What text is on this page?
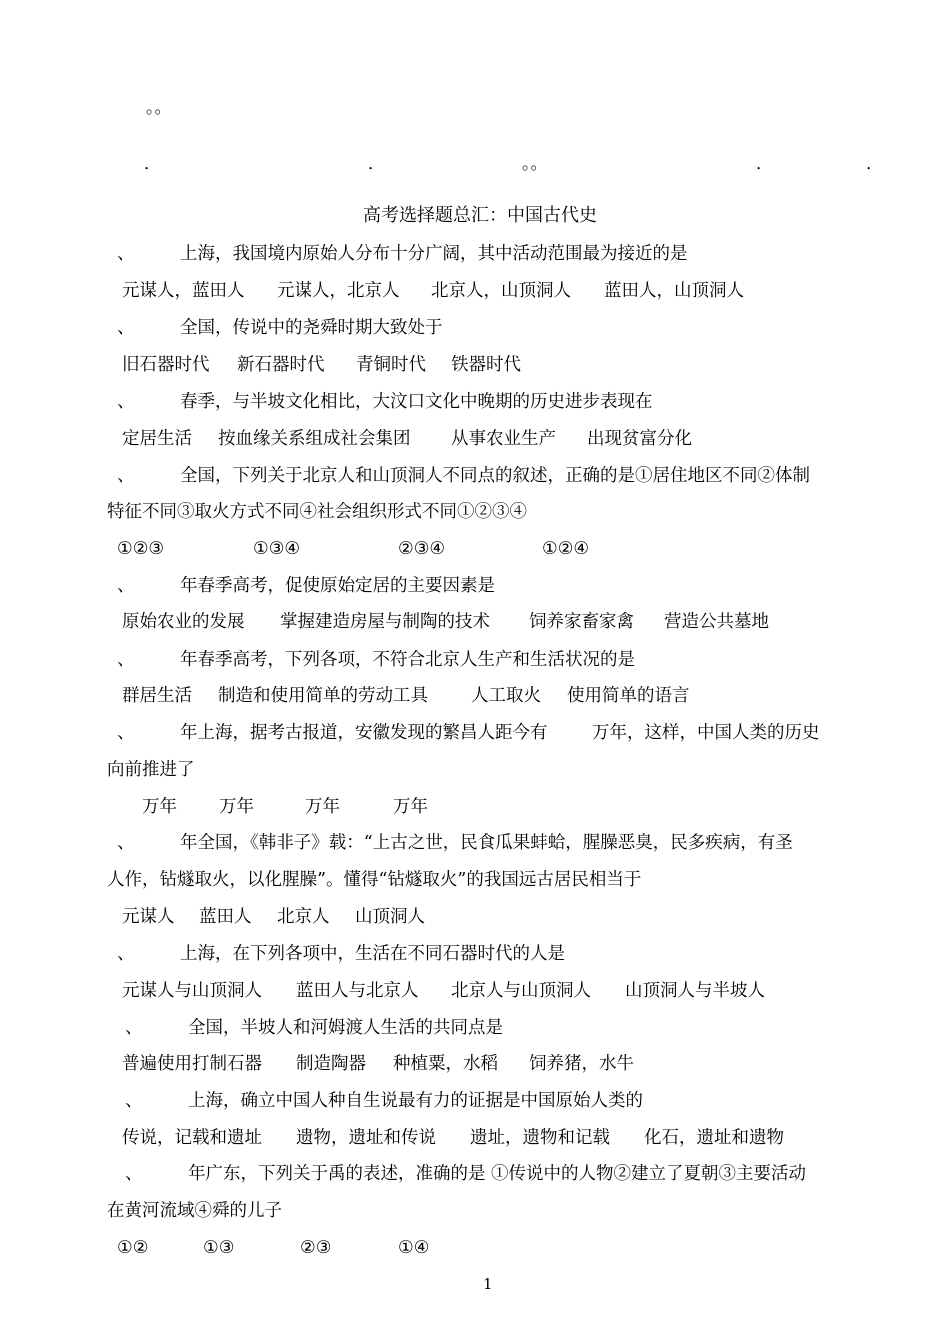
。。
．	．	。。	．	．
高考选择题总汇：中国古代史
、	上海，我国境内原始人分布十分广阔，其中活动范围最为接近的是
元谋人，蓝田人 元谋人，北京人 北京人，山顶洞人 蓝田人，山顶洞人
、	全国，传说中的尧舜时期大致处于
旧石器时代 新石器时代 青铜时代 铁器时代
、	春季，与半坡文化相比，大汶口文化中晚期的历史进步表现在
定居生活 按血缘关系组成社会集团 从事农业生产 出现贫富分化
、	全国，下列关于北京人和山顶洞人不同点的叙述，正确的是①居住地区不同②体制
特征不同③取火方式不同④社会组织形式不同①②③④
①②③	①③④	②③④	①②④
、	年春季高考，促使原始定居的主要因素是
原始农业的发展 掌握建造房屋与制陶的技术 饲养家畜家禽 营造公共墓地
、	年春季高考，下列各项，不符合北京人生产和生活状况的是
群居生活 制造和使用简单的劳动工具 人工取火 使用简单的语言
、	年上海，据考古报道，安徽发现的繁昌人距今有        万年，这样，中国人类的历史
向前推进了
万年 万年	万年	万年
、	年全国，《韩非子》载：“上古之世，民食瓜果蚌蛤，腥臊恶臭，民多疾病，有圣
人作，钻燧取火，以化腥臊”。懂得“钻燧取火”的我国远古居民相当于
元谋人 蓝田人 北京人 山顶洞人
、	上海，在下列各项中，生活在不同石器时代的人是
元谋人与山顶洞人 蓝田人与北京人 北京人与山顶洞人 山顶洞人与半坡人
、	全国，半坡人和河姆渡人生活的共同点是
普遍使用打制石器 制造陶器 种植粟，水稻 饲养猪，水牛
、	上海，确立中国人种自生说最有力的证据是中国原始人类的
传说，记载和遗址 遗物，遗址和传说 遗址，遗物和记载 化石，遗址和遗物
、	年广东，下列关于禹的表述，准确的是 ①传说中的人物②建立了夏朝③主要活动
在黄河流域④舜的儿子
①②	①③	②③	①④
1
